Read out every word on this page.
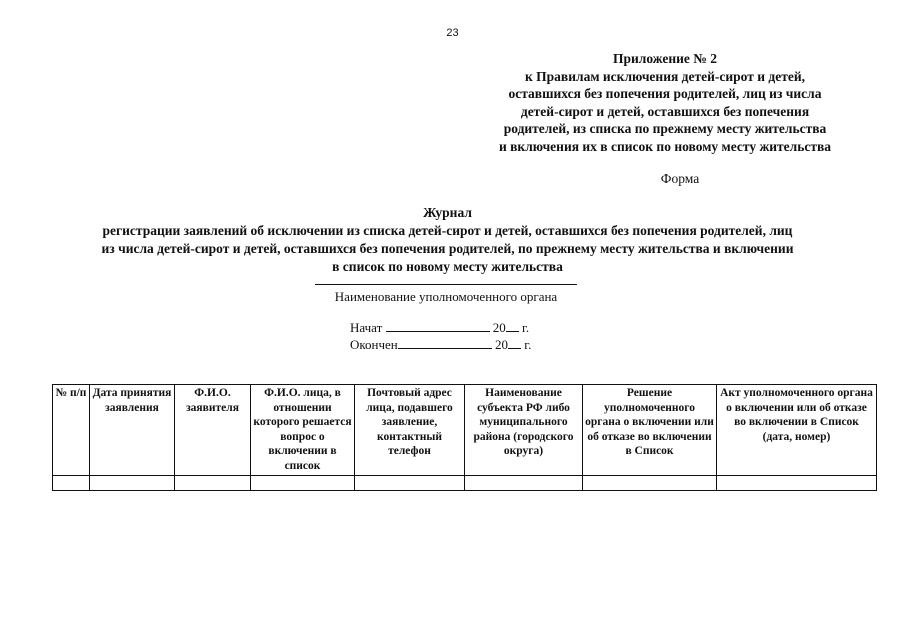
23
Приложение № 2
к Правилам исключения детей-сирот и детей,
оставшихся без попечения родителей, лиц из числа
детей-сирот и детей, оставшихся без попечения
родителей, из списка по прежнему месту жительства
и включения их в список по новому месту жительства
Форма
Журнал
регистрации заявлений об исключении из списка детей-сирот и детей, оставшихся без попечения родителей, лиц
из числа детей-сирот и детей, оставшихся без попечения родителей, по прежнему месту жительства и включении
в список по новому месту жительства
Наименование уполномоченного органа
Начат	20 г.
Окончен	20 г.
№ п/п	Дата принятия заявления	Ф.И.О. заявителя	Ф.И.О. лица, в отношении которого решается вопрос о включении в список	Почтовый адрес лица, подавшего заявление, контактный телефон	Наименование субъекта РФ либо муниципального района (городского округа)	Решение уполномоченного органа о включении или об отказе во включении в Список	Акт уполномоченного органа о включении или об отказе во включении в Список (дата, номер)
